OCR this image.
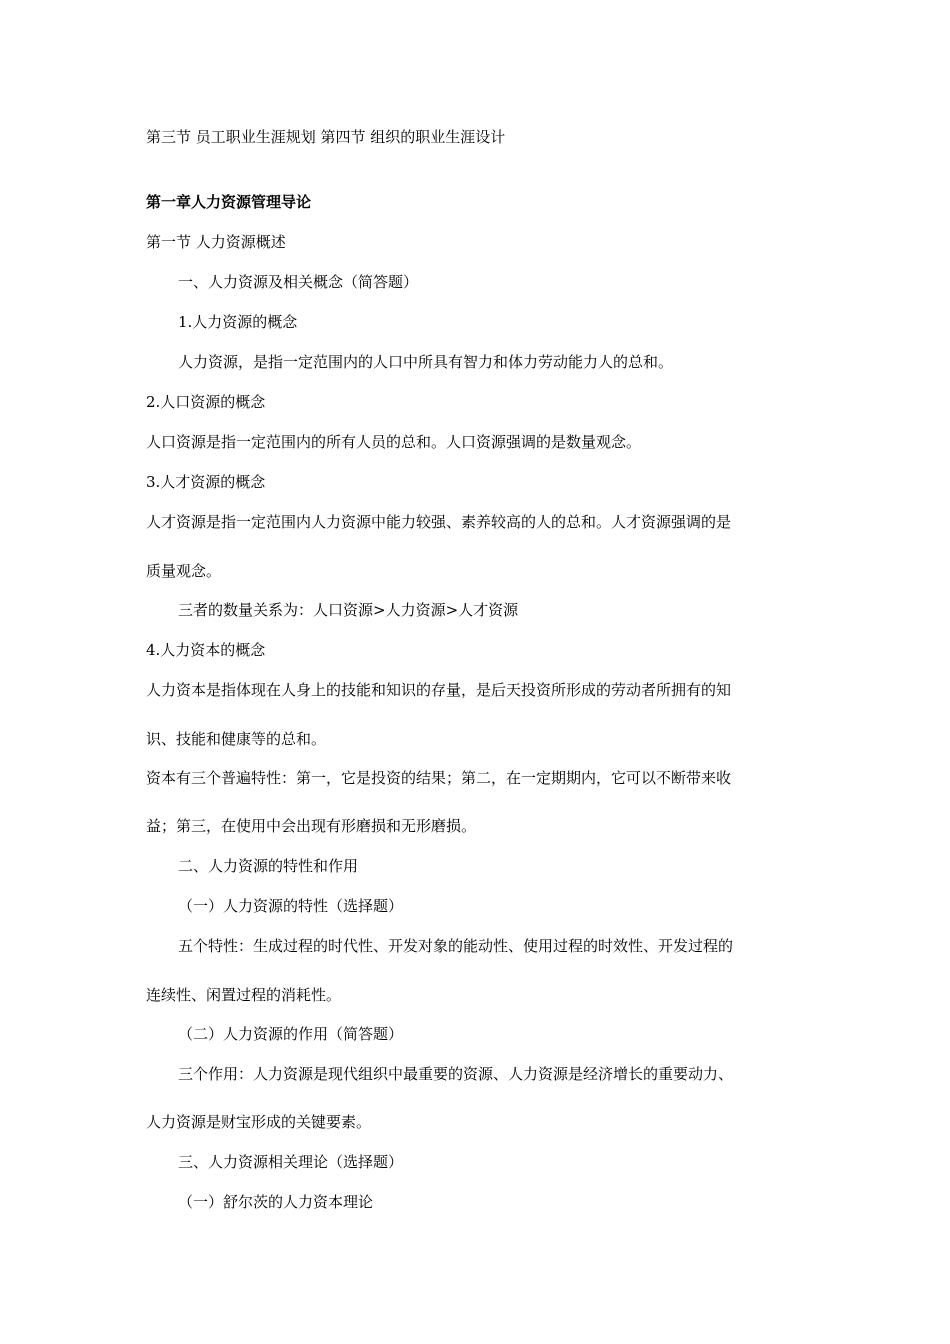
第三节 员工职业生涯规划 第四节 组织的职业生涯设计
第一章人力资源管理导论
第一节 人力资源概述
一、人力资源及相关概念（简答题）
1.人力资源的概念
人力资源，是指一定范围内的人口中所具有智力和体力劳动能力人的总和。
2.人口资源的概念
人口资源是指一定范围内的所有人员的总和。人口资源强调的是数量观念。
3.人才资源的概念
人才资源是指一定范围内人力资源中能力较强、素养较高的人的总和。人才资源强调的是
质量观念。
三者的数量关系为：人口资源>人力资源>人才资源
4.人力资本的概念
人力资本是指体现在人身上的技能和知识的存量，是后天投资所形成的劳动者所拥有的知
识、技能和健康等的总和。
资本有三个普遍特性：第一，它是投资的结果；第二，在一定期期内，它可以不断带来收
益；第三，在使用中会出现有形磨损和无形磨损。
二、人力资源的特性和作用
（一）人力资源的特性（选择题）
五个特性：生成过程的时代性、开发对象的能动性、使用过程的时效性、开发过程的
连续性、闲置过程的消耗性。
（二）人力资源的作用（简答题）
三个作用：人力资源是现代组织中最重要的资源、人力资源是经济增长的重要动力、
人力资源是财宝形成的关键要素。
三、人力资源相关理论（选择题）
（一）舒尔茨的人力资本理论
